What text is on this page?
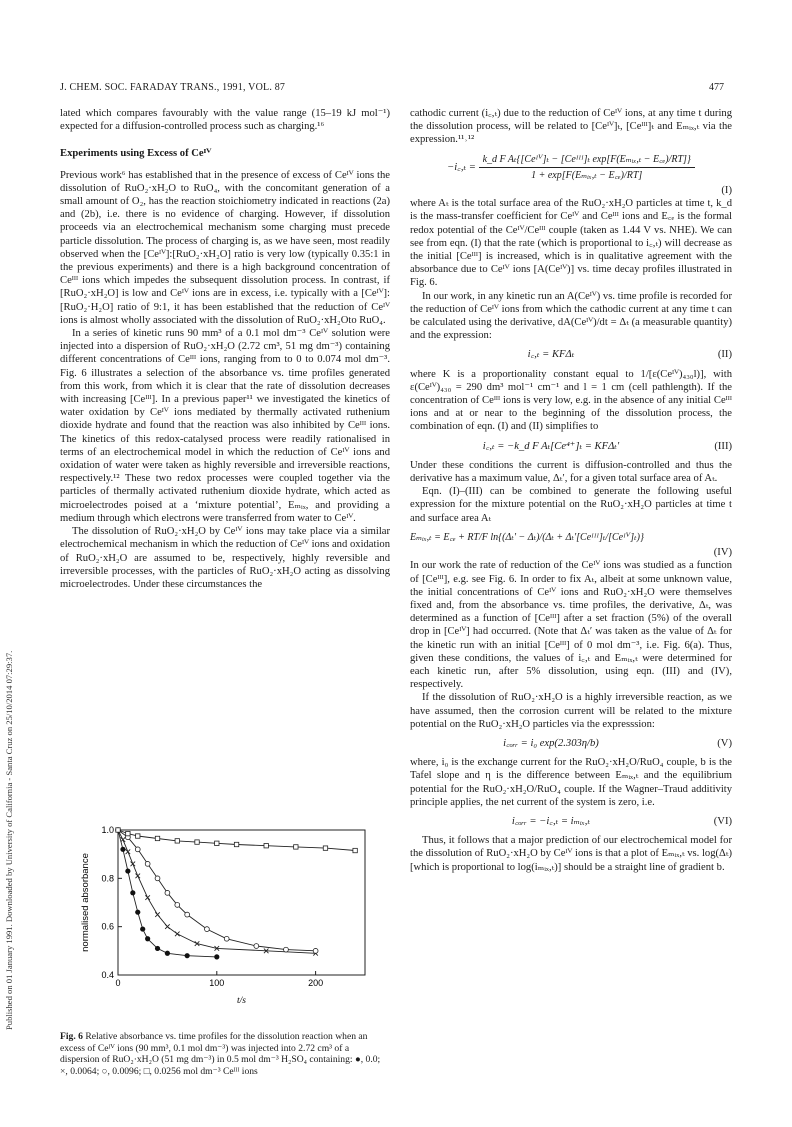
J. CHEM. SOC. FARADAY TRANS., 1991, VOL. 87	477
Published on 01 January 1991. Downloaded by University of California - Santa Cruz on 25/10/2014 07:29:37.

lated which compares favourably with the value range (15–19 kJ mol⁻¹) expected for a diffusion-controlled process such as charging.¹⁶

Experiments using Excess of Ceᴵⱽ

Previous work⁶ has established that in the presence of excess of Ceᴵⱽ ions the dissolution of RuO₂·xH₂O to RuO₄, with the concomitant generation of a small amount of O₂, has the reaction stoichiometry indicated in reactions (2a) and (2b), i.e. there is no evidence of charging. However, if dissolution proceeds via an electrochemical mechanism some charging must precede particle dissolution. The process of charging is, as we have seen, most readily observed when the [Ceᴵⱽ]:[RuO₂·xH₂O] ratio is very low (typically 0.35:1 in the previous experiments) and there is a high background concentration of Ceᴵᴵᴵ ions which impedes the subsequent dissolution process. In contrast, if [RuO₂·xH₂O] is low and Ceᴵⱽ ions are in excess, i.e. typically with a [Ceᴵⱽ]:[RuO₂·H₂O] ratio of 9:1, it has been established that the reduction of Ceᴵⱽ ions is almost wholly associated with the dissolution of RuO₂·xH₂Oto RuO₄.

In a series of kinetic runs 90 mm³ of a 0.1 mol dm⁻³ Ceᴵⱽ solution were injected into a dispersion of RuO₂·xH₂O (2.72 cm³, 51 mg dm⁻³) containing different concentrations of Ceᴵᴵᴵ ions, ranging from to 0 to 0.074 mol dm⁻³. Fig. 6 illustrates a selection of the absorbance vs. time profiles generated from this work, from which it is clear that the rate of dissolution decreases with increasing [Ceᴵᴵᴵ]. In a previous paper¹¹ we investigated the kinetics of water oxidation by Ceᴵⱽ ions mediated by thermally activated ruthenium dioxide hydrate and found that the reaction was also inhibited by Ceᴵᴵᴵ ions. The kinetics of this redox-catalysed process were readily rationalised in terms of an electrochemical model in which the reduction of Ceᴵⱽ ions and oxidation of water were taken as highly reversible and irreversible reactions, respectively.¹² These two redox processes were coupled together via the particles of thermally activated ruthenium dioxide hydrate, which acted as microelectrodes poised at a ‘mixture potential’, Eₘᵢₓ, and providing a medium through which electrons were transferred from water to Ceᴵⱽ.

The dissolution of RuO₂·xH₂O by Ceᴵⱽ ions may take place via a similar electrochemical mechanism in which the reduction of Ceᴵⱽ ions and oxidation of RuO₂·xH₂O are assumed to be, respectively, highly reversible and irreversible processes, with the particles of RuO₂·xH₂O acting as dissolving microelectrodes. Under these circumstances the

cathodic current (i꜀,ₜ) due to the reduction of Ceᴵⱽ ions, at any time t during the dissolution process, will be related to [Ceᴵⱽ]ₜ, [Ceᴵᴵᴵ]ₜ and Eₘᵢₓ,ₜ via the expression.¹¹˒¹²

−i꜀,ₜ = $\frac{\text{k\_d F Aₜ\{[Ceᴵⱽ]ₜ − [Ceᴵᴵᴵ]ₜ exp[F(Eₘᵢₓ,ₜ − E꜀ₑ)/RT]\}}}{\text{1 + exp[F(Eₘᵢₓ,ₜ − E꜀ₑ)/RT]}}$
(I)

where Aₜ is the total surface area of the RuO₂·xH₂O particles at time t, k_d is the mass-transfer coefficient for Ceᴵⱽ and Ceᴵᴵᴵ ions and E꜀ₑ is the formal redox potential of the Ceᴵⱽ/Ceᴵᴵᴵ couple (taken as 1.44 V vs. NHE). We can see from eqn. (I) that the rate (which is proportional to i꜀,ₜ) will decrease as the initial [Ceᴵᴵᴵ] is increased, which is in qualitative agreement with the absorbance due to Ceᴵⱽ ions [A(Ceᴵⱽ)] vs. time decay profiles illustrated in Fig. 6.

In our work, in any kinetic run an A(Ceᴵⱽ) vs. time profile is recorded for the reduction of Ceᴵⱽ ions from which the cathodic current at any time t can be calculated using the derivative, dA(Ceᴵⱽ)/dt = Δₜ (a measurable quantity) and the expression:

i꜀,ₜ = KFΔₜ	(II)

where K is a proportionality constant equal to 1/[ε(Ceᴵⱽ)₄₃₀l)], with ε(Ceᴵⱽ)₄₃₀ = 290 dm³ mol⁻¹ cm⁻¹ and l = 1 cm (cell pathlength). If the concentration of Ceᴵᴵᴵ ions is very low, e.g. in the absence of any initial Ceᴵᴵᴵ ions and at or near to the beginning of the dissolution process, the combination of eqn. (I) and (II) simplifies to

i꜀,ₜ = −k_d F Aₜ[Ce⁴⁺]ₜ = KFΔₜ′	(III)

Under these conditions the current is diffusion-controlled and thus the derivative has a maximum value, Δₜ′, for a given total surface area of Aₜ.

Eqn. (I)–(III) can be combined to generate the following useful expression for the mixture potential on the RuO₂·xH₂O particles at time t and surface area Aₜ

Eₘᵢₓ,ₜ = E꜀ₑ + RT/F ln{(Δₜ′ − Δₜ)/(Δₜ + Δₜ′[Ceᴵᴵᴵ]ₜ/[Ceᴵⱽ]ₜ)}
(IV)

In our work the rate of reduction of the Ceᴵⱽ ions was studied as a function of [Ceᴵᴵᴵ], e.g. see Fig. 6. In order to fix Aₜ, albeit at some unknown value, the initial concentrations of Ceᴵⱽ ions and RuO₂·xH₂O were themselves fixed and, from the absorbance vs. time profiles, the derivative, Δₜ, was determined as a function of [Ceᴵᴵᴵ] after a set fraction (5%) of the overall drop in [Ceᴵⱽ] had occurred. (Note that Δₜ′ was taken as the value of Δₜ for the kinetic run with an initial [Ceᴵᴵᴵ] of 0 mol dm⁻³, i.e. Fig. 6(a). Thus, given these conditions, the values of i꜀,ₜ and Eₘᵢₓ,ₜ were determined for each kinetic run, after 5% dissolution, using eqn. (III) and (IV), respectively.

If the dissolution of RuO₂·xH₂O is a highly irreversible reaction, as we have assumed, then the corrosion current will be related to the mixture potential on the RuO₂·xH₂O particles via the expresssion:

i꜀ₒᵣᵣ = i₀ exp(2.303η/b)	(V)

where, i₀ is the exchange current for the RuO₂·xH₂O/RuO₄ couple, b is the Tafel slope and η is the difference between Eₘᵢₓ,ₜ and the equilibrium potential for the RuO₂·xH₂O/RuO₄ couple. If the Wagner–Traud additivity principle applies, the net current of the system is zero, i.e.

i꜀ₒᵣᵣ = −i꜀,ₜ = iₘᵢₓ,ₜ	(VI)

Thus, it follows that a major prediction of our electrochemical model for the dissolution of RuO₂·xH₂O by Ceᴵⱽ ions is that a plot of Eₘᵢₓ,ₜ vs. log(Δₜ) [which is proportional to log(iₘᵢₓ,ₜ)] should be a straight line of gradient b.

0.4
0.6
0.8
1.0
0	100	200
t/s
normalised absorbance
Fig. 6 Relative absorbance vs. time profiles for the dissolution reaction when an excess of Ceᴵⱽ ions (90 mm³, 0.1 mol dm⁻³) was injected into 2.72 cm³ of a dispersion of RuO₂·xH₂O (51 mg dm⁻³) in 0.5 mol dm⁻³ H₂SO₄ containing: ●, 0.0; ×, 0.0064; ○, 0.0096; □, 0.0256 mol dm⁻³ Ceᴵᴵᴵ ions
